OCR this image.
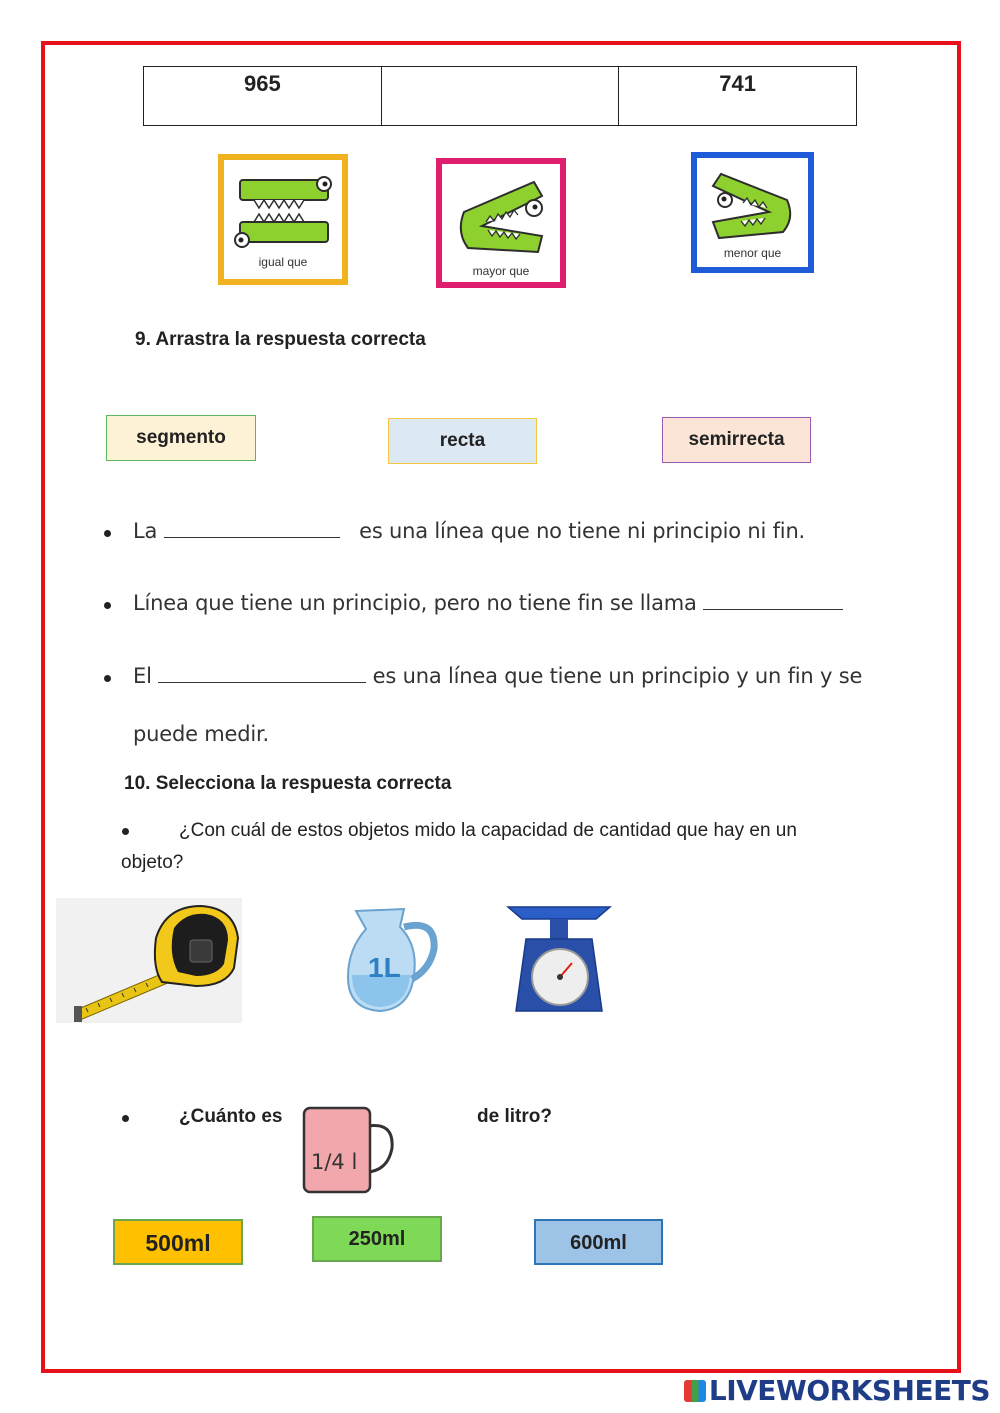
965		741
igual que
mayor que
menor que
9. Arrastra la respuesta correcta
segmento	recta	semirrecta
La	es una línea que no tiene ni principio ni fin.
Línea que tiene un principio, pero no tiene fin se llama
El	es una línea que tiene un principio y un fin y se
puede medir.
10. Selecciona la respuesta correcta
¿Con cuál de estos objetos mido la capacidad de cantidad que hay en un
objeto?
1L
¿Cuánto es
1/4 l
de litro?
500ml	250ml	600ml
LIVEWORKSHEETS
